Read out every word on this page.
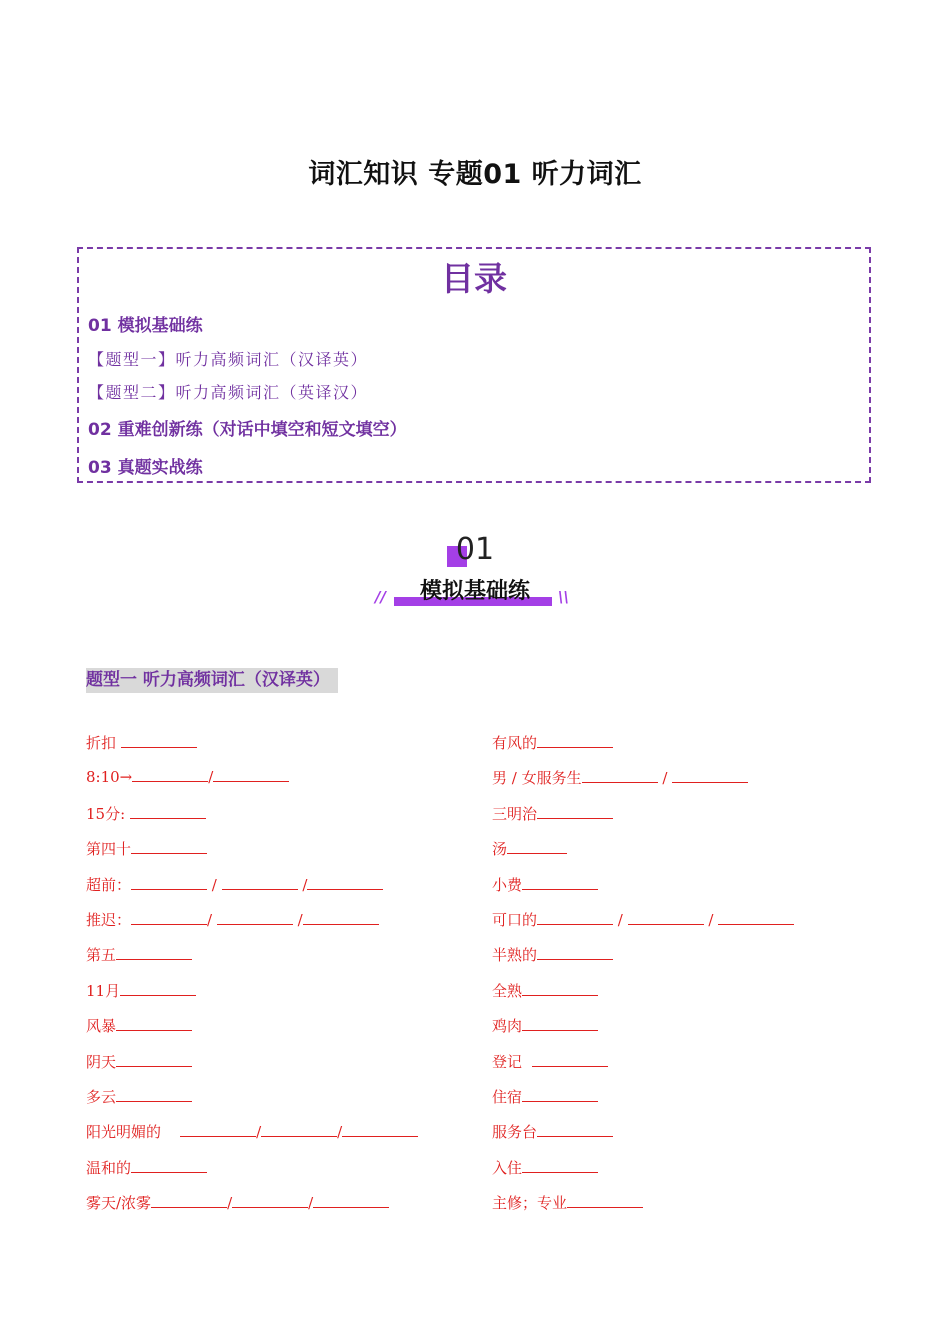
词汇知识 专题01 听力词汇
目录
01 模拟基础练
【题型一】听力高频词汇（汉译英）
【题型二】听力高频词汇（英译汉）
02 重难创新练（对话中填空和短文填空）
03 真题实战练
01
模拟基础练
//	\\
题型一 听力高频词汇（汉译英）
折扣
8:10→	/
15分:
第四十
超前：	/	/
推迟：	/	/
第五
11月
风暴
阴天
多云
阳光明媚的	/	/
温和的
雾天/浓雾	/	/
有风的
男 / 女服务生	/
三明治
汤
小费
可口的	/	/
半熟的
全熟
鸡肉
登记
住宿
服务台
入住
主修；专业
